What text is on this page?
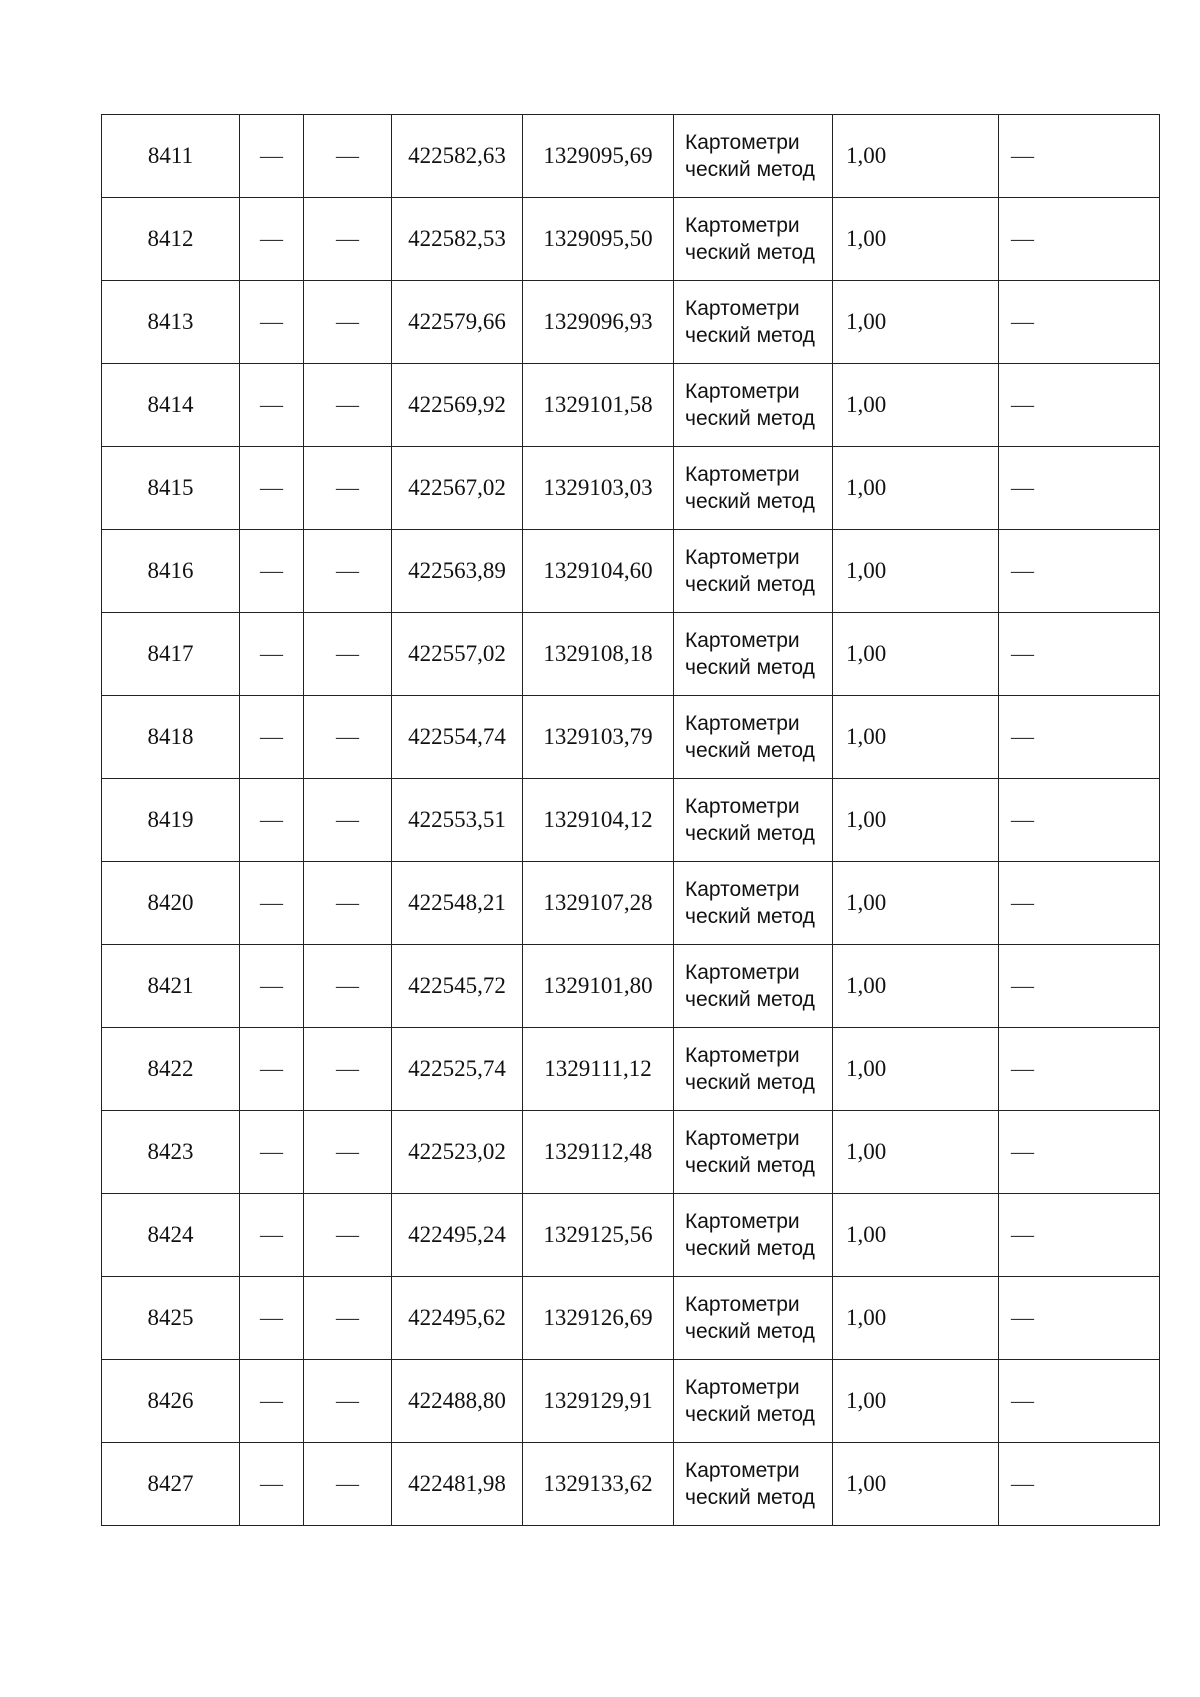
8411	—	—	422582,63	1329095,69	Картометри ческий метод	1,00	—
8412	—	—	422582,53	1329095,50	Картометри ческий метод	1,00	—
8413	—	—	422579,66	1329096,93	Картометри ческий метод	1,00	—
8414	—	—	422569,92	1329101,58	Картометри ческий метод	1,00	—
8415	—	—	422567,02	1329103,03	Картометри ческий метод	1,00	—
8416	—	—	422563,89	1329104,60	Картометри ческий метод	1,00	—
8417	—	—	422557,02	1329108,18	Картометри ческий метод	1,00	—
8418	—	—	422554,74	1329103,79	Картометри ческий метод	1,00	—
8419	—	—	422553,51	1329104,12	Картометри ческий метод	1,00	—
8420	—	—	422548,21	1329107,28	Картометри ческий метод	1,00	—
8421	—	—	422545,72	1329101,80	Картометри ческий метод	1,00	—
8422	—	—	422525,74	1329111,12	Картометри ческий метод	1,00	—
8423	—	—	422523,02	1329112,48	Картометри ческий метод	1,00	—
8424	—	—	422495,24	1329125,56	Картометри ческий метод	1,00	—
8425	—	—	422495,62	1329126,69	Картометри ческий метод	1,00	—
8426	—	—	422488,80	1329129,91	Картометри ческий метод	1,00	—
8427	—	—	422481,98	1329133,62	Картометри ческий метод	1,00	—
